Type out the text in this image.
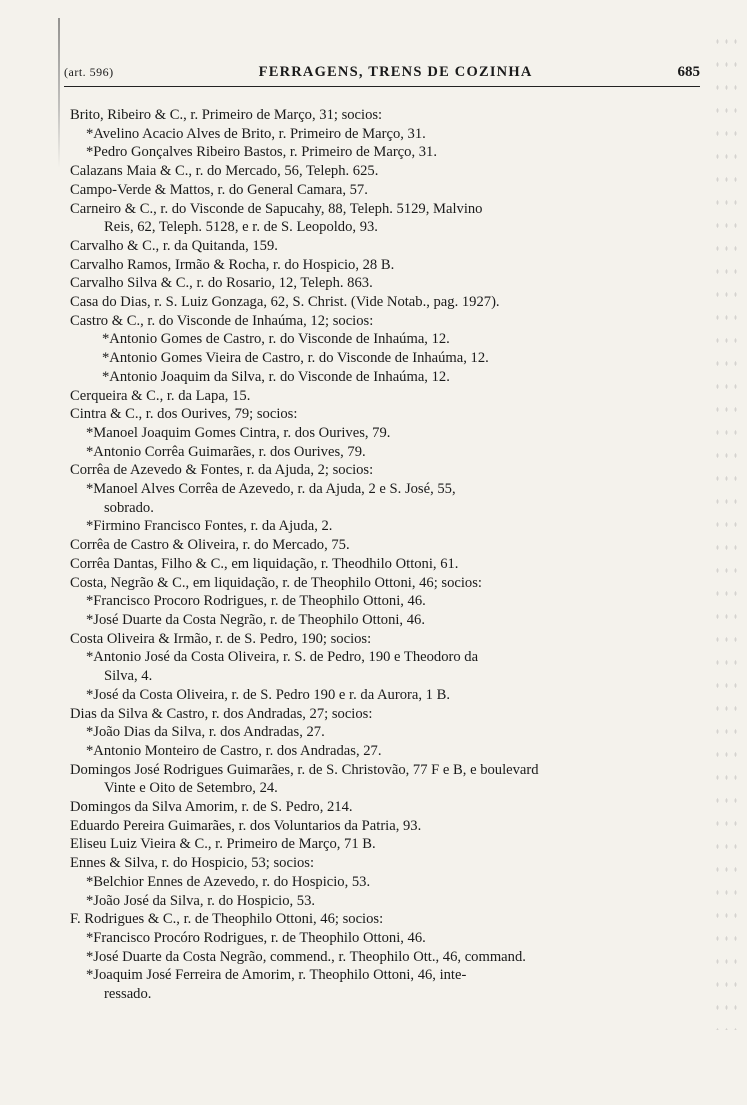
(art. 596)	FERRAGENS, TRENS DE COZINHA	685
Brito, Ribeiro & C., r. Primeiro de Março, 31; socios:
*Avelino Acacio Alves de Brito, r. Primeiro de Março, 31.
*Pedro Gonçalves Ribeiro Bastos, r. Primeiro de Março, 31.
Calazans Maia & C., r. do Mercado, 56, Teleph. 625.
Campo-Verde & Mattos, r. do General Camara, 57.
Carneiro & C., r. do Visconde de Sapucahy, 88, Teleph. 5129, Malvino
Reis, 62, Teleph. 5128, e r. de S. Leopoldo, 93.
Carvalho & C., r. da Quitanda, 159.
Carvalho Ramos, Irmão & Rocha, r. do Hospicio, 28 B.
Carvalho Silva & C., r. do Rosario, 12, Teleph. 863.
Casa do Dias, r. S. Luiz Gonzaga, 62, S. Christ. (Vide Notab., pag. 1927).
Castro & C., r. do Visconde de Inhaúma, 12; socios:
*Antonio Gomes de Castro, r. do Visconde de Inhaúma, 12.
*Antonio Gomes Vieira de Castro, r. do Visconde de Inhaúma, 12.
*Antonio Joaquim da Silva, r. do Visconde de Inhaúma, 12.
Cerqueira & C., r. da Lapa, 15.
Cintra & C., r. dos Ourives, 79; socios:
*Manoel Joaquim Gomes Cintra, r. dos Ourives, 79.
*Antonio Corrêa Guimarães, r. dos Ourives, 79.
Corrêa de Azevedo & Fontes, r. da Ajuda, 2; socios:
*Manoel Alves Corrêa de Azevedo, r. da Ajuda, 2 e S. José, 55,
sobrado.
*Firmino Francisco Fontes, r. da Ajuda, 2.
Corrêa de Castro & Oliveira, r. do Mercado, 75.
Corrêa Dantas, Filho & C., em liquidação, r. Theodhilo Ottoni, 61.
Costa, Negrão & C., em liquidação, r. de Theophilo Ottoni, 46; socios:
*Francisco Procoro Rodrigues, r. de Theophilo Ottoni, 46.
*José Duarte da Costa Negrão, r. de Theophilo Ottoni, 46.
Costa Oliveira & Irmão, r. de S. Pedro, 190; socios:
*Antonio José da Costa Oliveira, r. S. de Pedro, 190 e Theodoro da
Silva, 4.
*José da Costa Oliveira, r. de S. Pedro 190 e r. da Aurora, 1 B.
Dias da Silva & Castro, r. dos Andradas, 27; socios:
*João Dias da Silva, r. dos Andradas, 27.
*Antonio Monteiro de Castro, r. dos Andradas, 27.
Domingos José Rodrigues Guimarães, r. de S. Christovão, 77 F e B, e boulevard
Vinte e Oito de Setembro, 24.
Domingos da Silva Amorim, r. de S. Pedro, 214.
Eduardo Pereira Guimarães, r. dos Voluntarios da Patria, 93.
Eliseu Luiz Vieira & C., r. Primeiro de Março, 71 B.
Ennes & Silva, r. do Hospicio, 53; socios:
*Belchior Ennes de Azevedo, r. do Hospicio, 53.
*João José da Silva, r. do Hospicio, 53.
F. Rodrigues & C., r. de Theophilo Ottoni, 46; socios:
*Francisco Procóro Rodrigues, r. de Theophilo Ottoni, 46.
*José Duarte da Costa Negrão, commend., r. Theophilo Ott., 46, command.
*Joaquim José Ferreira de Amorim, r. Theophilo Ottoni, 46, inte-
ressado.
